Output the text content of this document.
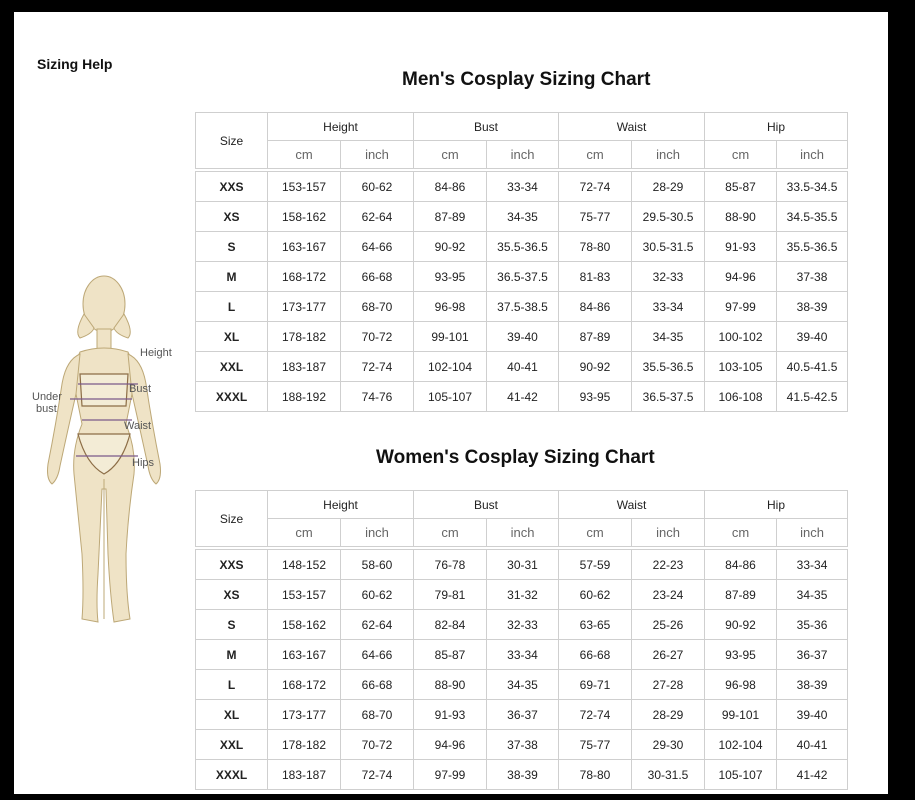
Sizing Help
Height
Bust
Under
bust
Waist
Hips
Men's Cosplay Sizing Chart
Size	Height		Bust		Waist		Hip	
	cm	inch	cm	inch	cm	inch	cm	inch

XXS	153-157	60-62	84-86	33-34	72-74	28-29	85-87	33.5-34.5
XS	158-162	62-64	87-89	34-35	75-77	29.5-30.5	88-90	34.5-35.5
S	163-167	64-66	90-92	35.5-36.5	78-80	30.5-31.5	91-93	35.5-36.5
M	168-172	66-68	93-95	36.5-37.5	81-83	32-33	94-96	37-38
L	173-177	68-70	96-98	37.5-38.5	84-86	33-34	97-99	38-39
XL	178-182	70-72	99-101	39-40	87-89	34-35	100-102	39-40
XXL	183-187	72-74	102-104	40-41	90-92	35.5-36.5	103-105	40.5-41.5
XXXL	188-192	74-76	105-107	41-42	93-95	36.5-37.5	106-108	41.5-42.5
Women's Cosplay Sizing Chart
Size	Height		Bust		Waist		Hip	
	cm	inch	cm	inch	cm	inch	cm	inch

XXS	148-152	58-60	76-78	30-31	57-59	22-23	84-86	33-34
XS	153-157	60-62	79-81	31-32	60-62	23-24	87-89	34-35
S	158-162	62-64	82-84	32-33	63-65	25-26	90-92	35-36
M	163-167	64-66	85-87	33-34	66-68	26-27	93-95	36-37
L	168-172	66-68	88-90	34-35	69-71	27-28	96-98	38-39
XL	173-177	68-70	91-93	36-37	72-74	28-29	99-101	39-40
XXL	178-182	70-72	94-96	37-38	75-77	29-30	102-104	40-41
XXXL	183-187	72-74	97-99	38-39	78-80	30-31.5	105-107	41-42
